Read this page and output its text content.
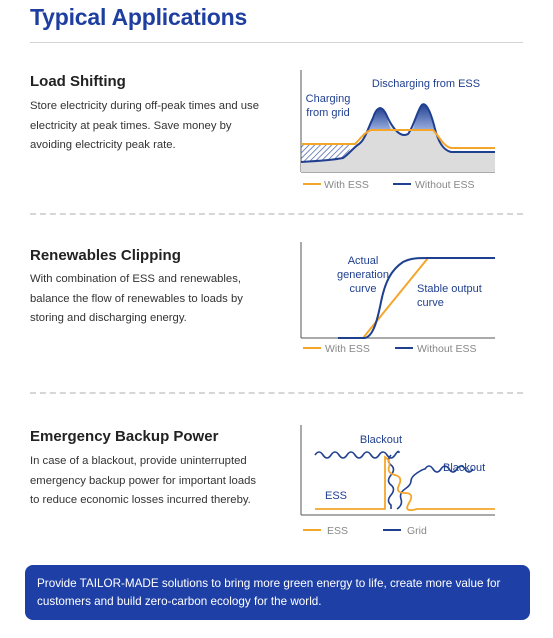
Typical Applications
Load Shifting

Store electricity during off-peak times and use electricity at peak times. Save money by avoiding electricity peak rate.

Charging
from grid
Discharging from ESS
With ESS	Without ESS
Renewables Clipping

With combination of ESS and renewables, balance the flow of renewables to loads by storing and discharging energy.

Actual
generation
curve	Stable output
curve
With ESS	Without ESS
Emergency Backup Power

In case of a blackout, provide uninterrupted emergency backup power for important loads to reduce economic losses incurred thereby.

Blackout
Blackout
ESS
ESS	Grid
Provide TAILOR-MADE solutions to bring more green energy to life, create more value for customers and build zero-carbon ecology for the world.
